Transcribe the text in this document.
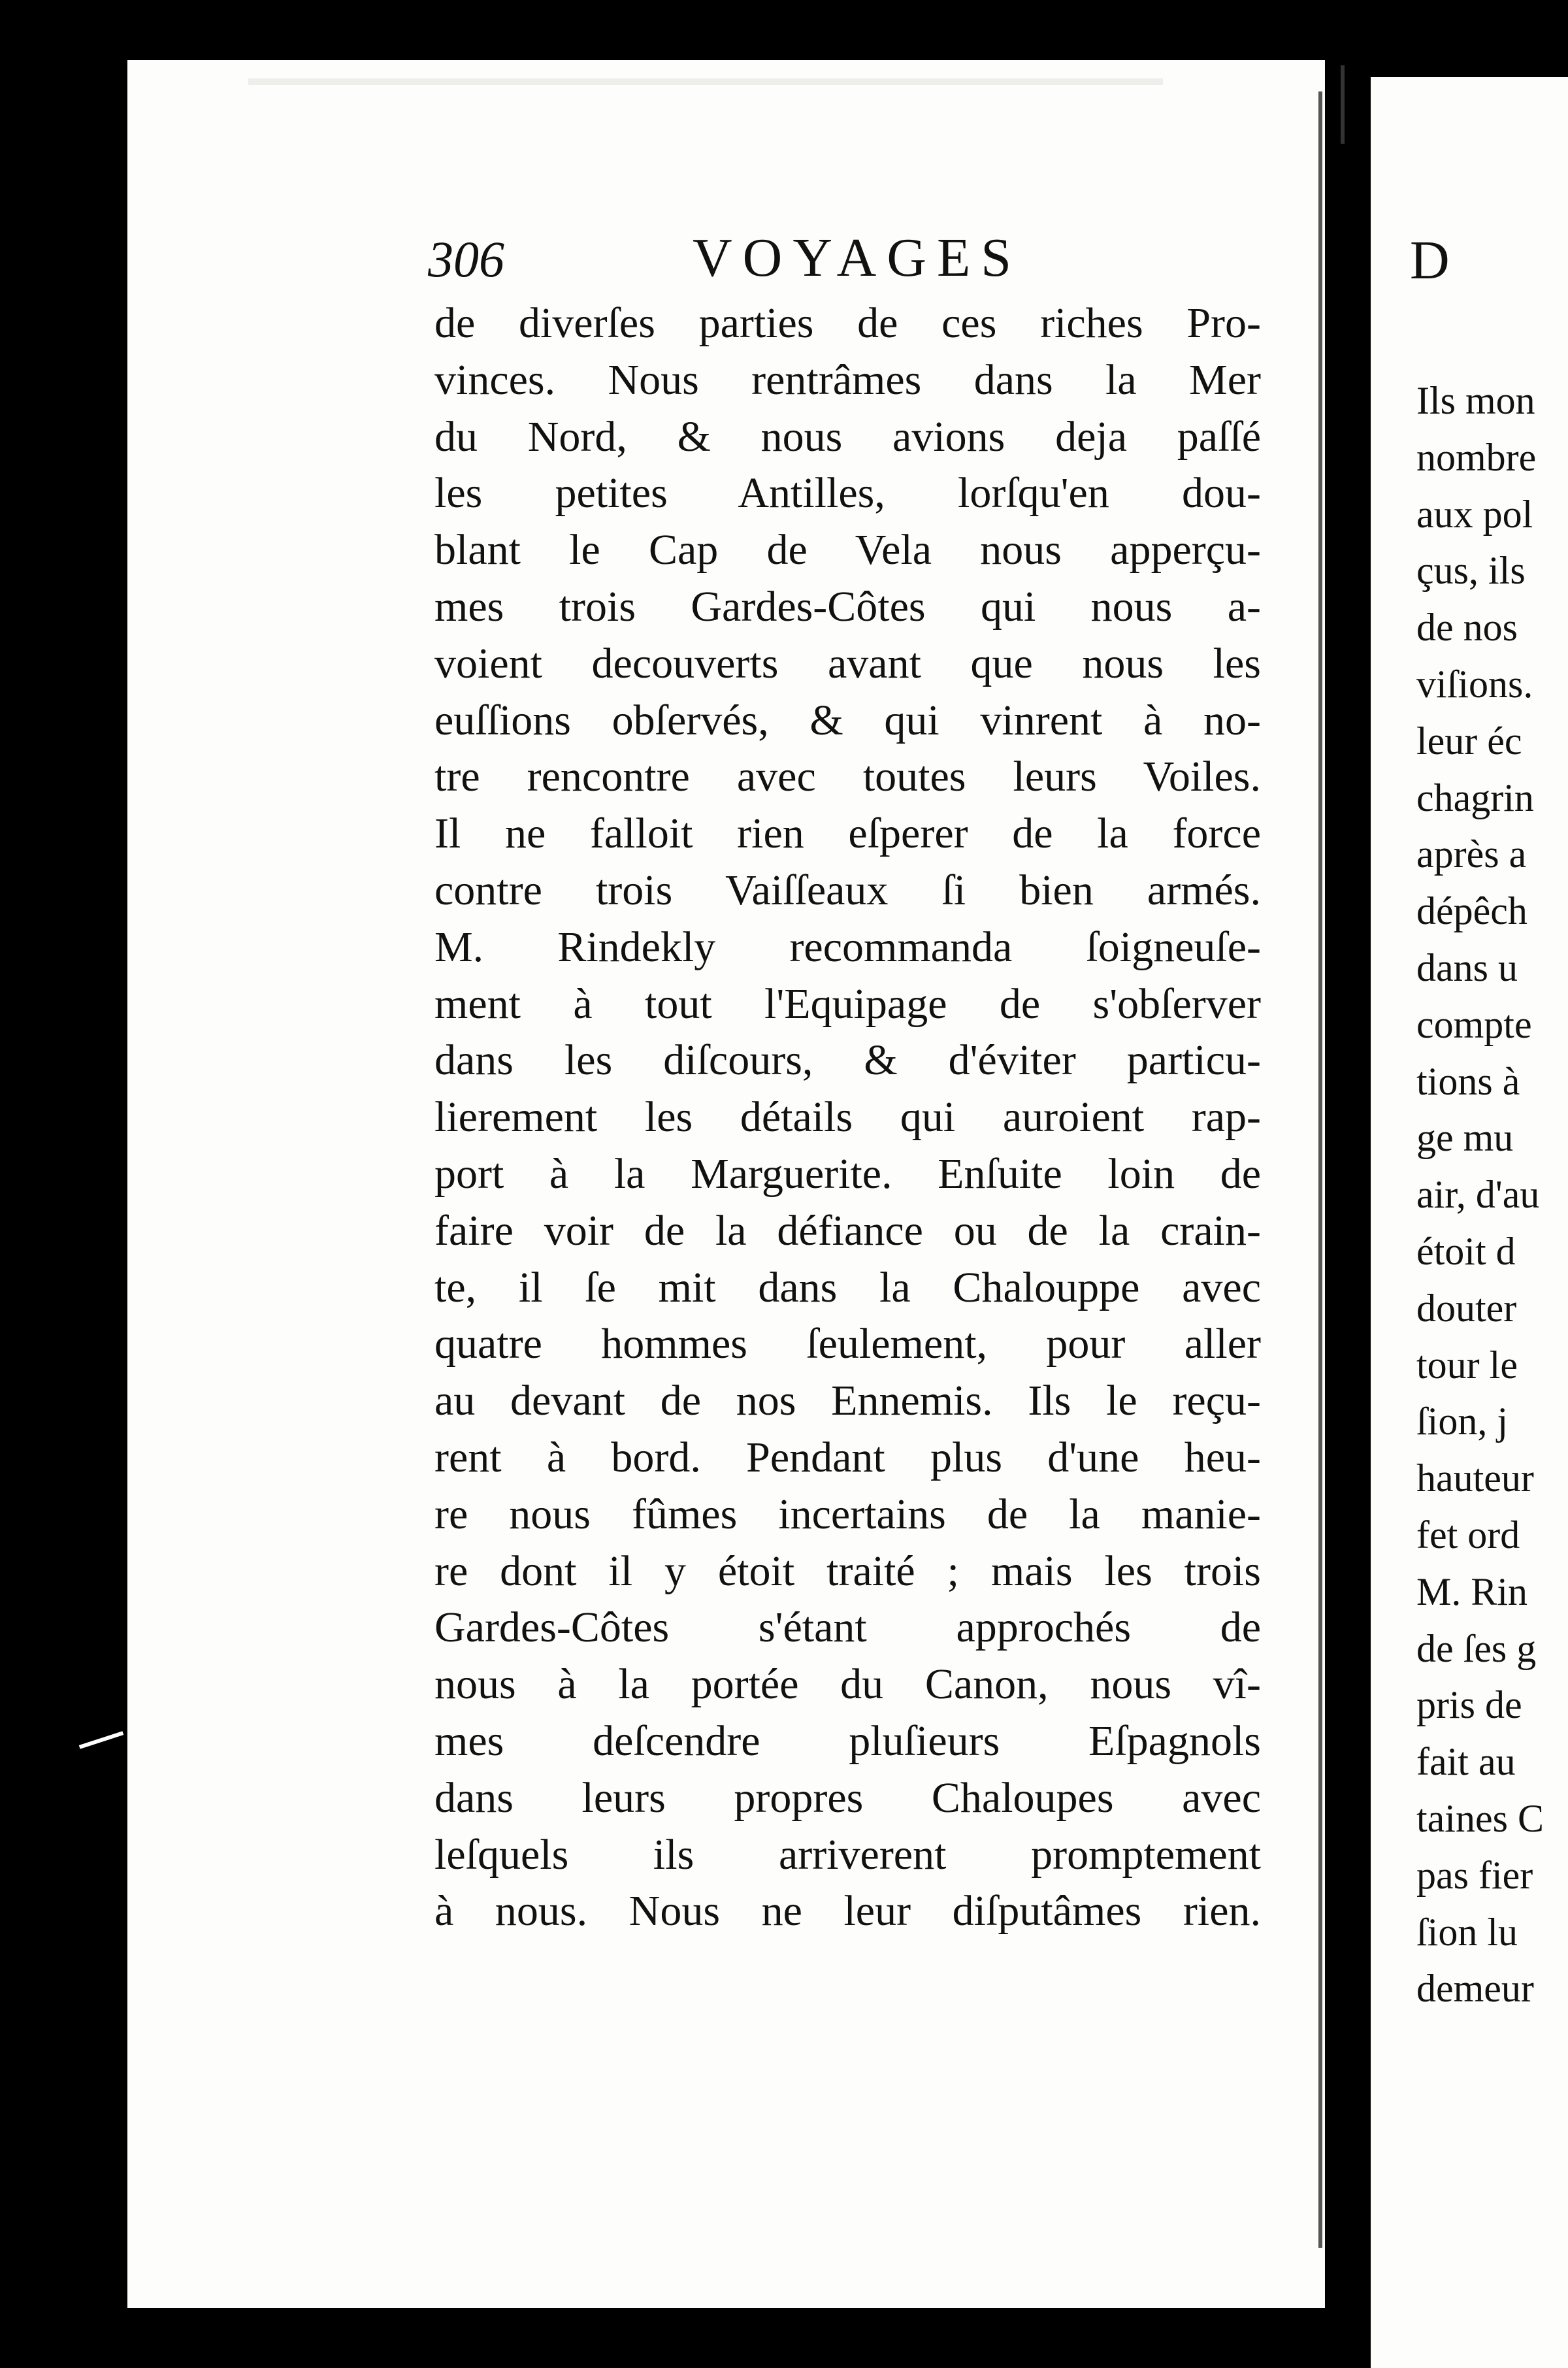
306	VOYAGES
de diverſes parties de ces riches Pro-
vinces. Nous rentrâmes dans la Mer
du Nord, & nous avions deja paſſé
les petites Antilles, lorſqu'en dou-
blant le Cap de Vela nous apperçu-
mes trois Gardes-Côtes qui nous a-
voient decouverts avant que nous les
euſſions obſervés, & qui vinrent à no-
tre rencontre avec toutes leurs Voiles.
Il ne falloit rien eſperer de la force
contre trois Vaiſſeaux ſi bien armés.
M. Rindekly recommanda ſoigneuſe-
ment à tout l'Equipage de s'obſerver
dans les diſcours, & d'éviter particu-
lierement les détails qui auroient rap-
port à la Marguerite. Enſuite loin de
faire voir de la défiance ou de la crain-
te, il ſe mit dans la Chalouppe avec
quatre hommes ſeulement, pour aller
au devant de nos Ennemis. Ils le reçu-
rent à bord. Pendant plus d'une heu-
re nous fûmes incertains de la manie-
re dont il y étoit traité ; mais les trois
Gardes-Côtes s'étant approchés de
nous à la portée du Canon, nous vî-
mes deſcendre pluſieurs Eſpagnols
dans leurs propres Chaloupes avec
leſquels ils arriverent promptement
à nous. Nous ne leur diſputâmes rien.
D
Ils mon
nombre
aux pol
çus, ils
de nos
viſions.
leur éc
chagrin
après a
dépêch
dans u
compte
tions à
ge mu
air, d'au
étoit d
douter
tour le
ſion, j
hauteur
fet ord
M. Rin
de ſes g
pris de
fait au
taines C
pas fier
ſion lu
demeur
